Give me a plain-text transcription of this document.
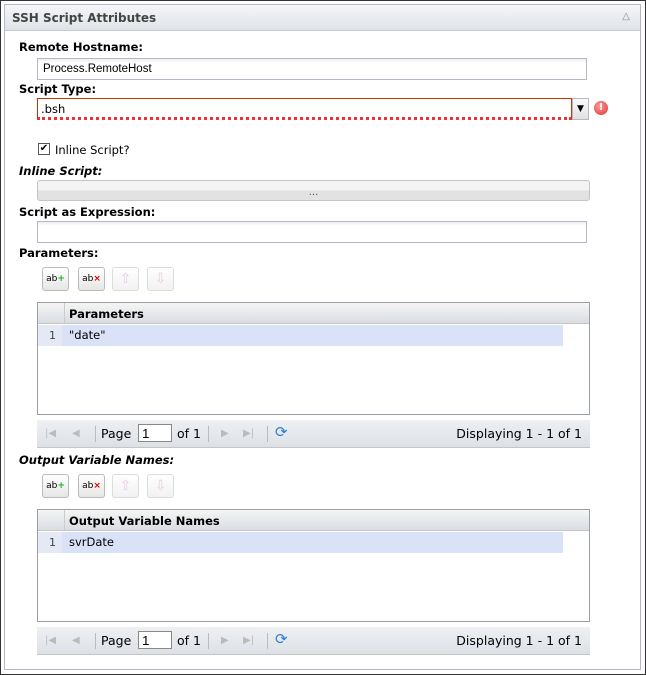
SSH Script Attributes	△
Remote Hostname:
Process.RemoteHost
Script Type:
.bsh	▼	!
✔ Inline Script?
Inline Script:
...
Script as Expression:
Parameters:
ab+	ab×	⇧	⇩
Parameters
1	"date"
|◀ ◀ Page
1	of 1 ▶ ▶| ⟳	Displaying 1 - 1 of 1
Output Variable Names:
ab+	ab×	⇧	⇩
Output Variable Names
1	svrDate
|◀ ◀ Page
1	of 1 ▶ ▶| ⟳	Displaying 1 - 1 of 1
